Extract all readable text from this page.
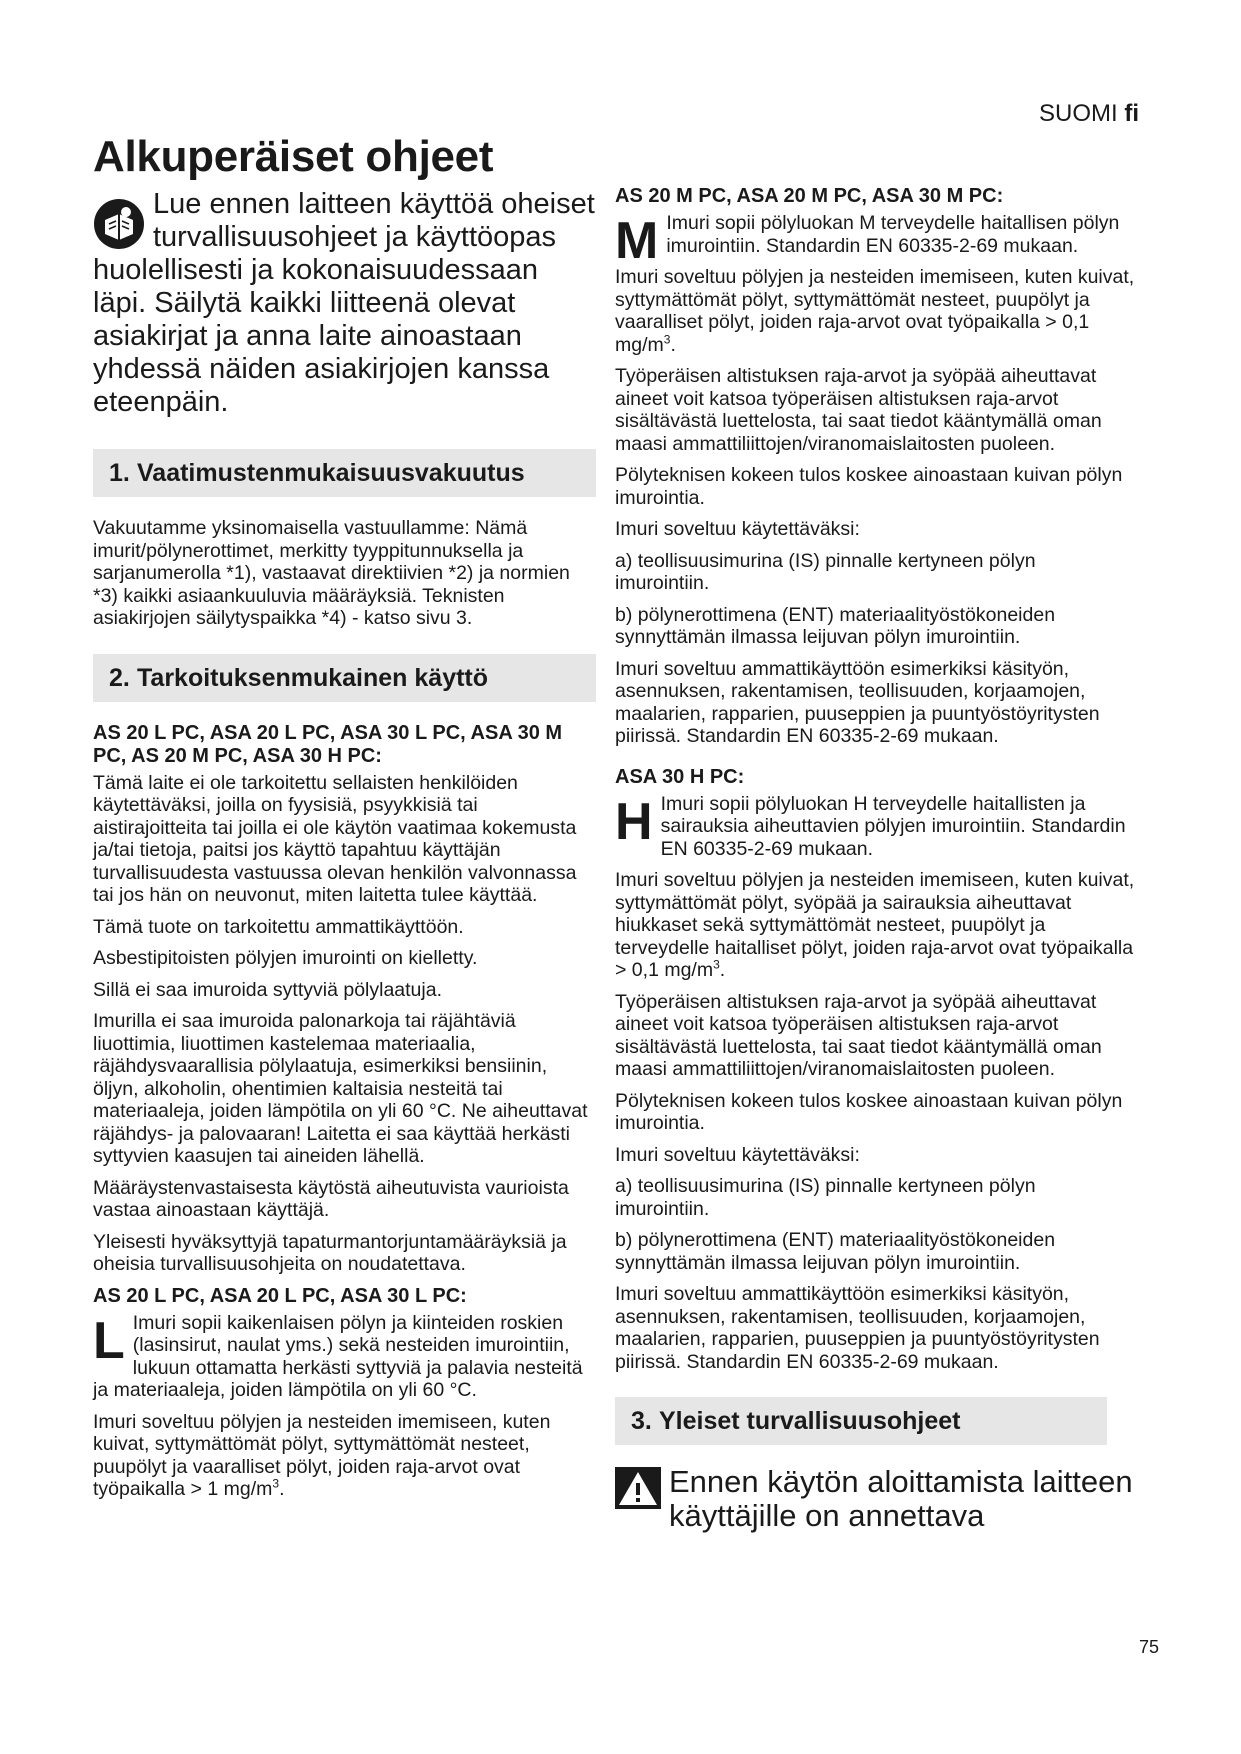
SUOMI fi
Alkuperäiset ohjeet
Lue ennen laitteen käyttöä oheiset turvallisuusohjeet ja käyttöopas huolellisesti ja kokonaisuudessaan läpi. Säilytä kaikki liitteenä olevat asiakirjat ja anna laite ainoastaan yhdessä näiden asiakirjojen kanssa eteenpäin.
1. Vaatimustenmukaisuusvakuutus

Vakuutamme yksinomaisella vastuullamme: Nämä imurit/pölynerottimet, merkitty tyyppitunnuksella ja sarjanumerolla *1), vastaavat direktiivien *2) ja normien *3) kaikki asiaankuuluvia määräyksiä. Teknisten asiakirjojen säilytyspaikka *4) - katso sivu 3.

2. Tarkoituksenmukainen käyttö
AS 20 L PC, ASA 20 L PC, ASA 30 L PC, ASA 30 M PC, AS 20 M PC, ASA 30 H PC:

Tämä laite ei ole tarkoitettu sellaisten henkilöiden käytettäväksi, joilla on fyysisiä, psyykkisiä tai aistirajoitteita tai joilla ei ole käytön vaatimaa kokemusta ja/tai tietoja, paitsi jos käyttö tapahtuu käyttäjän turvallisuudesta vastuussa olevan henkilön valvonnassa tai jos hän on neuvonut, miten laitetta tulee käyttää.

Tämä tuote on tarkoitettu ammattikäyttöön.

Asbestipitoisten pölyjen imurointi on kielletty.

Sillä ei saa imuroida syttyviä pölylaatuja.

Imurilla ei saa imuroida palonarkoja tai räjähtäviä liuottimia, liuottimen kastelemaa materiaalia, räjähdysvaarallisia pölylaatuja, esimerkiksi bensiinin, öljyn, alkoholin, ohentimien kaltaisia nesteitä tai materiaaleja, joiden lämpötila on yli 60 °C. Ne aiheuttavat räjähdys- ja palovaaran! Laitetta ei saa käyttää herkästi syttyvien kaasujen tai aineiden lähellä.

Määräystenvastaisesta käytöstä aiheutuvista vaurioista vastaa ainoastaan käyttäjä.

Yleisesti hyväksyttyjä tapaturmantorjuntamääräyksiä ja oheisia turvallisuusohjeita on noudatettava.

AS 20 L PC, ASA 20 L PC, ASA 30 L PC:
L Imuri sopii kaikenlaisen pölyn ja kiinteiden roskien (lasinsirut, naulat yms.) sekä nesteiden imurointiin, lukuun ottamatta herkästi syttyviä ja palavia nesteitä ja materiaaleja, joiden lämpötila on yli 60 °C.

Imuri soveltuu pölyjen ja nesteiden imemiseen, kuten kuivat, syttymättömät pölyt, syttymättömät nesteet, puupölyt ja vaaralliset pölyt, joiden raja-arvot ovat työpaikalla > 1 $mg/m^3$.

AS 20 M PC, ASA 20 M PC, ASA 30 M PC:
M Imuri sopii pölyluokan M terveydelle haitallisen pölyn imurointiin. Standardin EN 60335-2-69 mukaan.

Imuri soveltuu pölyjen ja nesteiden imemiseen, kuten kuivat, syttymättömät pölyt, syttymättömät nesteet, puupölyt ja vaaralliset pölyt, joiden raja-arvot ovat työpaikalla > 0,1 $mg/m^3$.

Työperäisen altistuksen raja-arvot ja syöpää aiheuttavat aineet voit katsoa työperäisen altistuksen raja-arvot sisältävästä luettelosta, tai saat tiedot kääntymällä oman maasi ammattiliittojen/viranomaislaitosten puoleen.

Pölyteknisen kokeen tulos koskee ainoastaan kuivan pölyn imurointia.

Imuri soveltuu käytettäväksi:

a) teollisuusimurina (IS) pinnalle kertyneen pölyn imurointiin.

b) pölynerottimena (ENT) materiaalityöstökoneiden synnyttämän ilmassa leijuvan pölyn imurointiin.

Imuri soveltuu ammattikäyttöön esimerkiksi käsityön, asennuksen, rakentamisen, teollisuuden, korjaamojen, maalarien, rapparien, puuseppien ja puuntyöstöyritysten piirissä. Standardin EN 60335-2-69 mukaan.

ASA 30 H PC:
H Imuri sopii pölyluokan H terveydelle haitallisten ja sairauksia aiheuttavien pölyjen imurointiin. Standardin EN 60335-2-69 mukaan.

Imuri soveltuu pölyjen ja nesteiden imemiseen, kuten kuivat, syttymättömät pölyt, syöpää ja sairauksia aiheuttavat hiukkaset sekä syttymättömät nesteet, puupölyt ja terveydelle haitalliset pölyt, joiden raja-arvot ovat työpaikalla > 0,1 $mg/m^3$.

Työperäisen altistuksen raja-arvot ja syöpää aiheuttavat aineet voit katsoa työperäisen altistuksen raja-arvot sisältävästä luettelosta, tai saat tiedot kääntymällä oman maasi ammattiliittojen/viranomaislaitosten puoleen.

Pölyteknisen kokeen tulos koskee ainoastaan kuivan pölyn imurointia.

Imuri soveltuu käytettäväksi:

a) teollisuusimurina (IS) pinnalle kertyneen pölyn imurointiin.

b) pölynerottimena (ENT) materiaalityöstökoneiden synnyttämän ilmassa leijuvan pölyn imurointiin.

Imuri soveltuu ammattikäyttöön esimerkiksi käsityön, asennuksen, rakentamisen, teollisuuden, korjaamojen, maalarien, rapparien, puuseppien ja puuntyöstöyritysten piirissä. Standardin EN 60335-2-69 mukaan.

3. Yleiset turvallisuusohjeet
Ennen käytön aloittamista laitteen käyttäjille on annettava
75
